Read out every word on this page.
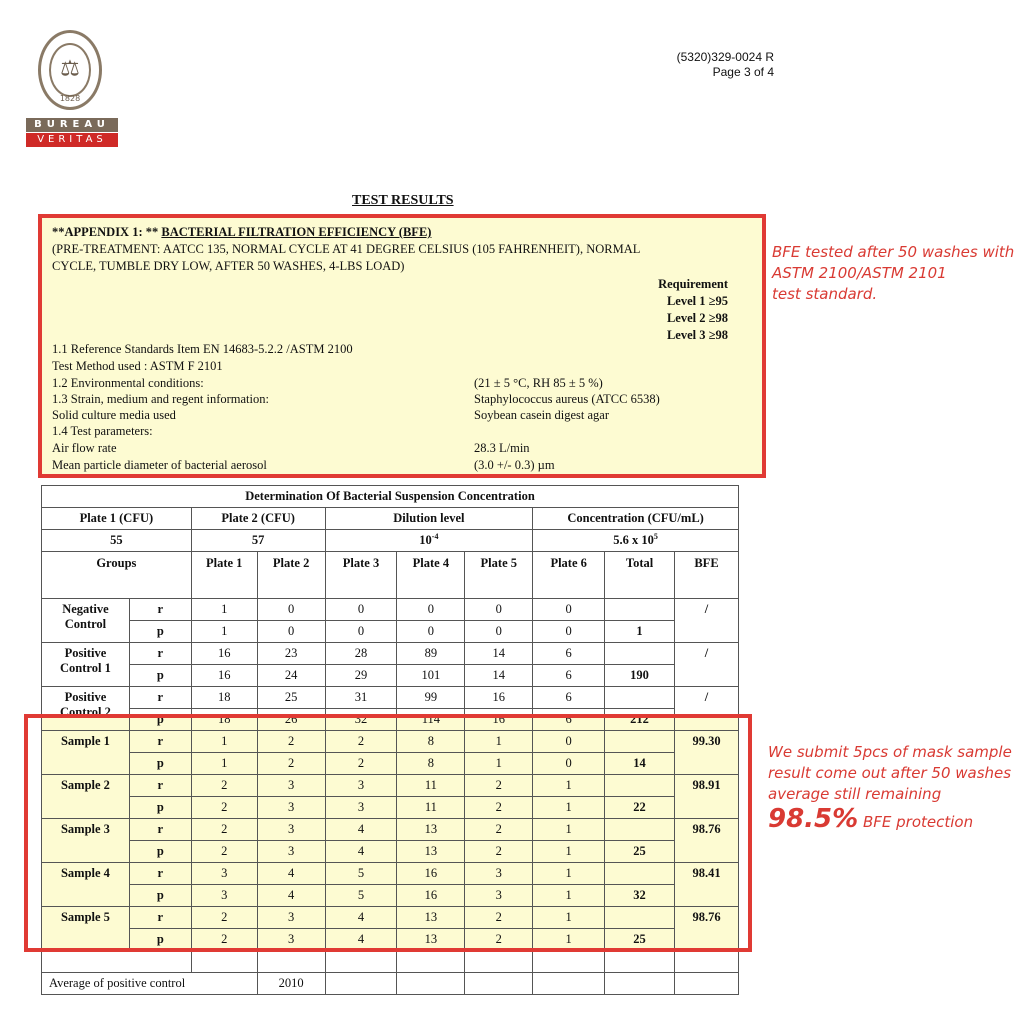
⚖
1828
BUREAU
VERITAS
(5320)329-0024 R
Page 3 of 4
TEST RESULTS
**APPENDIX 1: ** BACTERIAL FILTRATION EFFICIENCY (BFE)
(PRE-TREATMENT: AATCC 135, NORMAL CYCLE AT 41 DEGREE CELSIUS (105 FAHRENHEIT), NORMAL
CYCLE, TUMBLE DRY LOW, AFTER 50 WASHES, 4-LBS LOAD)
Requirement
Level 1 ≥95
Level 2 ≥98
Level 3 ≥98
1.1 Reference Standards Item EN 14683-5.2.2 /ASTM 2100
Test Method used : ASTM F 2101
1.2 Environmental conditions:	(21 ± 5 °C, RH 85 ± 5 %)
1.3 Strain, medium and regent information:	Staphylococcus aureus (ATCC 6538)
Solid culture media used	Soybean casein digest agar
1.4 Test parameters:
Air flow rate	28.3 L/min
Mean particle diameter of bacterial aerosol	(3.0 +/- 0.3) µm
BFE tested after 50 washes with
ASTM 2100/ASTM 2101
test standard.
We submit 5pcs of mask sample
result come out after 50 washes
average still remaining
98.5% BFE protection
Determination Of Bacterial Suspension Concentration									
Plate 1 (CFU)		Plate 2 (CFU)		Dilution level			Concentration (CFU/mL)		
55		57		$10^{-4}$			5.6 x $10^5$
Groups		Plate 1	Plate 2	Plate 3	Plate 4	Plate 5	Plate 6	Total	BFE

Negative
Control	r	1	0	0	0	0	0		/
	p	1	0	0	0	0	0	1	

Positive
Control 1	r	16	23	28	89	14	6		/
	p	16	24	29	101	14	6	190	

Positive
Control 2	r	18	25	31	99	16	6		/
	p	18	26	32	114	16	6	212	

Sample 1	r	1	2	2	8	1	0		99.30
	p	1	2	2	8	1	0	14	

Sample 2	r	2	3	3	11	2	1		98.91
	p	2	3	3	11	2	1	22	

Sample 3	r	2	3	4	13	2	1		98.76
	p	2	3	4	13	2	1	25	

Sample 4	r	3	4	5	16	3	1		98.41
	p	3	4	5	16	3	1	32	

Sample 5	r	2	3	4	13	2	1		98.76
	p	2	3	4	13	2	1	25	

Average of positive control			2010						
